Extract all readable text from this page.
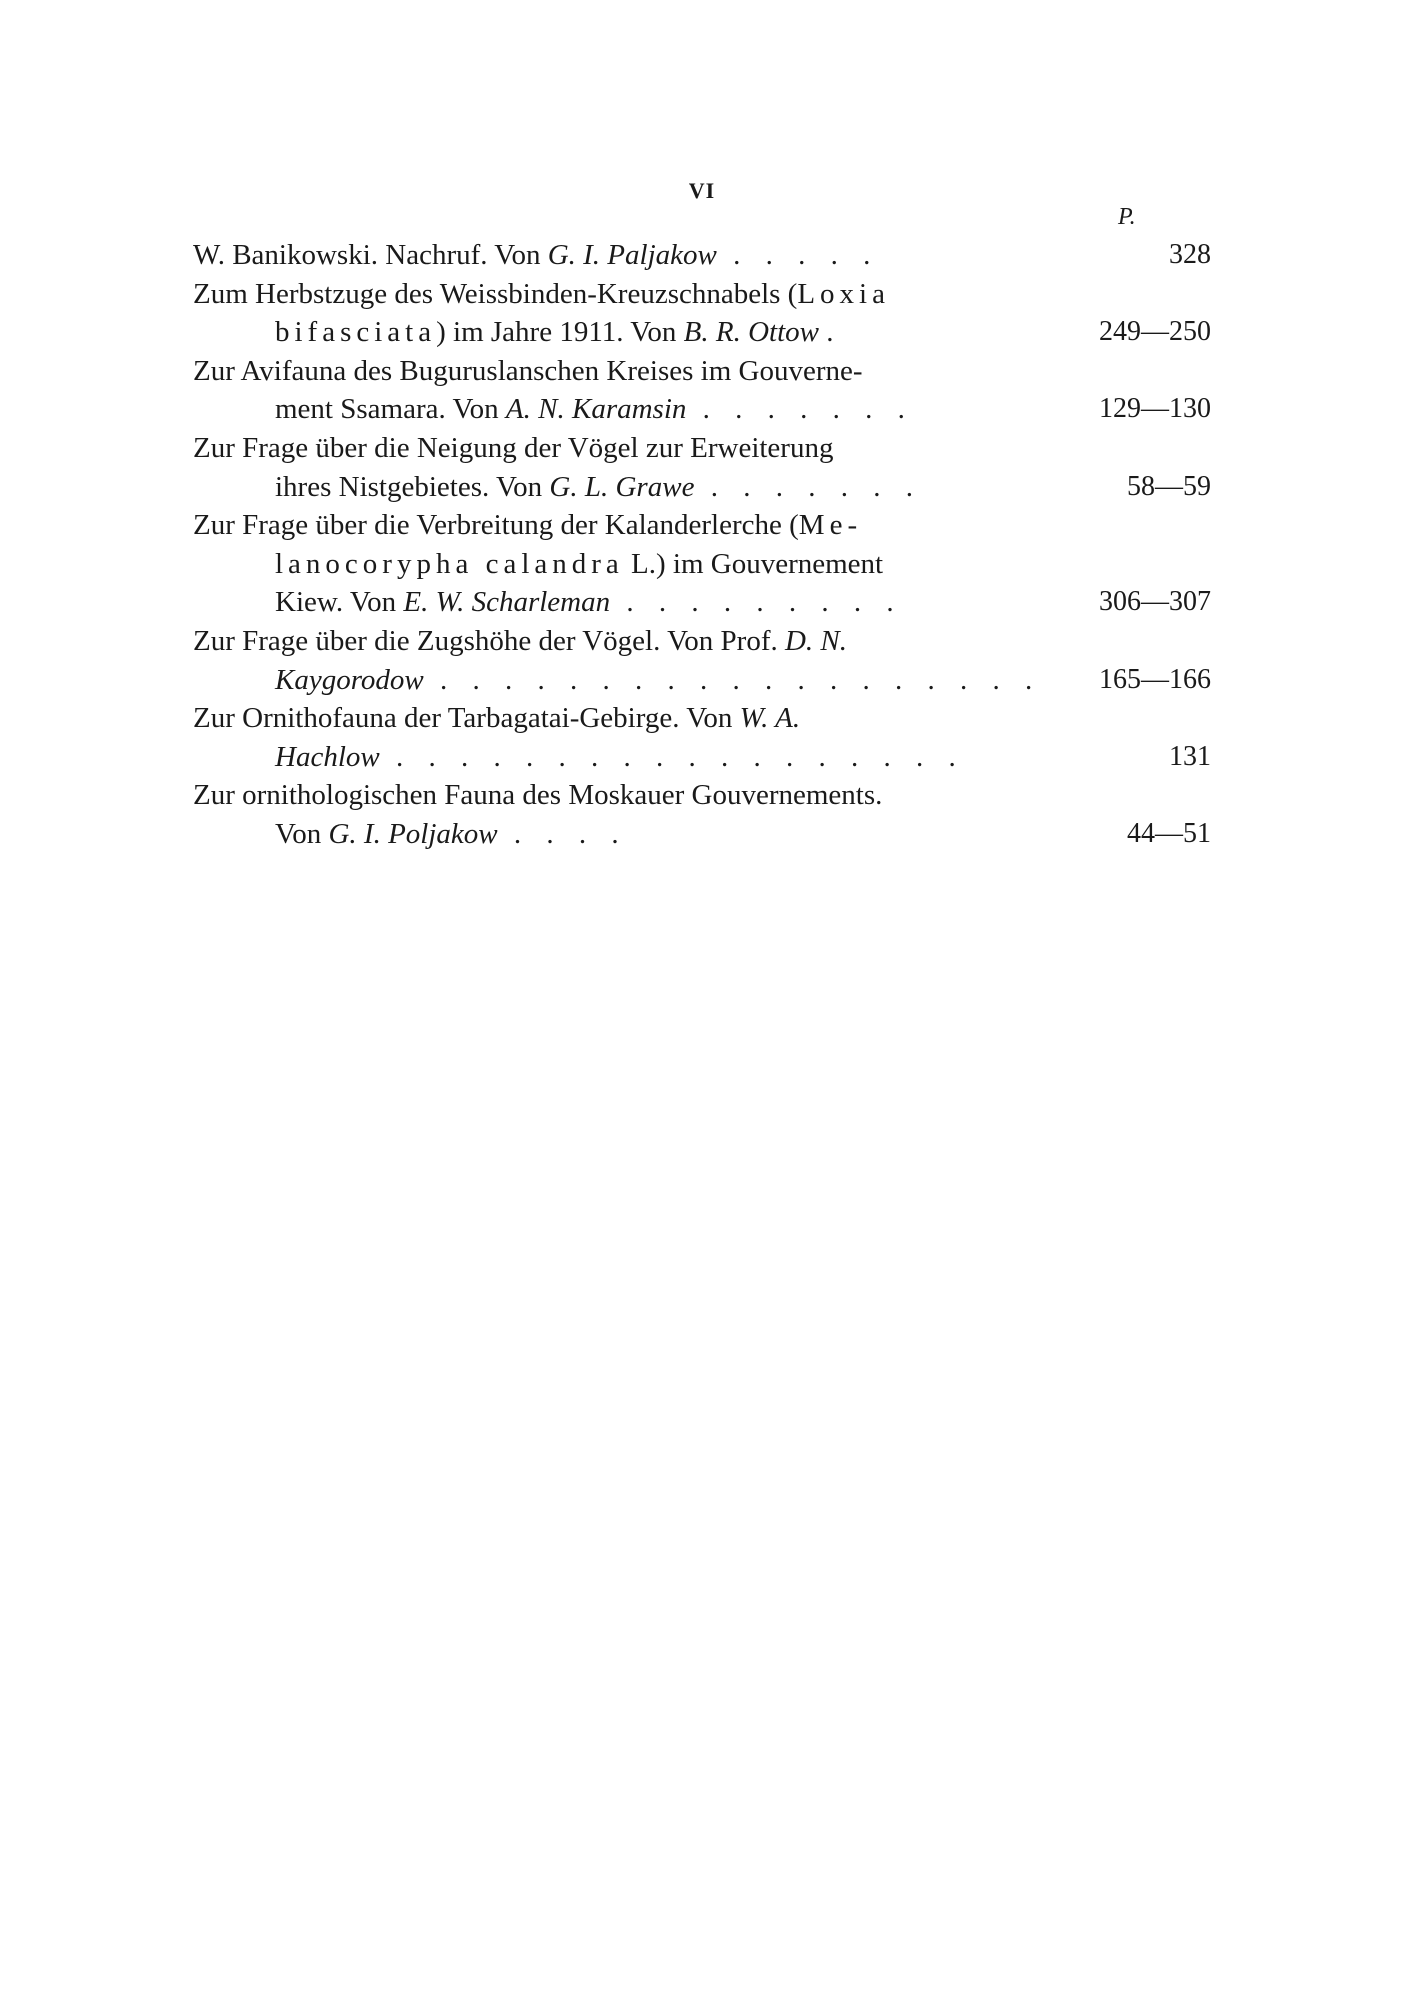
VI
P.
W. Banikowski. Nachruf. Von G. I. Paljakow . . . . .	328
Zum Herbstzuge des Weissbinden-Kreuzschnabels (Loxia
bifasciata) im Jahre 1911. Von B. R. Ottow .	249—250
Zur Avifauna des Buguruslanschen Kreises im Gouverne-
ment Ssamara. Von A. N. Karamsin . . . . . . .	129—130
Zur Frage über die Neigung der Vögel zur Erweiterung
ihres Nistgebietes. Von G. L. Grawe . . . . . . .	58—59
Zur Frage über die Verbreitung der Kalanderlerche (Me-
lanocorypha calandra L.) im Gouvernement
Kiew. Von E. W. Scharleman . . . . . . . . .	306—307
Zur Frage über die Zugshöhe der Vögel. Von Prof. D. N.
Kaygorodow . . . . . . . . . . . . . . . . . . . 165—166
Zur Ornithofauna der Tarbagatai-Gebirge. Von W. A.
Hachlow . . . . . . . . . . . . . . . . . .	131
Zur ornithologischen Fauna des Moskauer Gouvernements.
Von G. I. Poljakow . . . .	44—51
